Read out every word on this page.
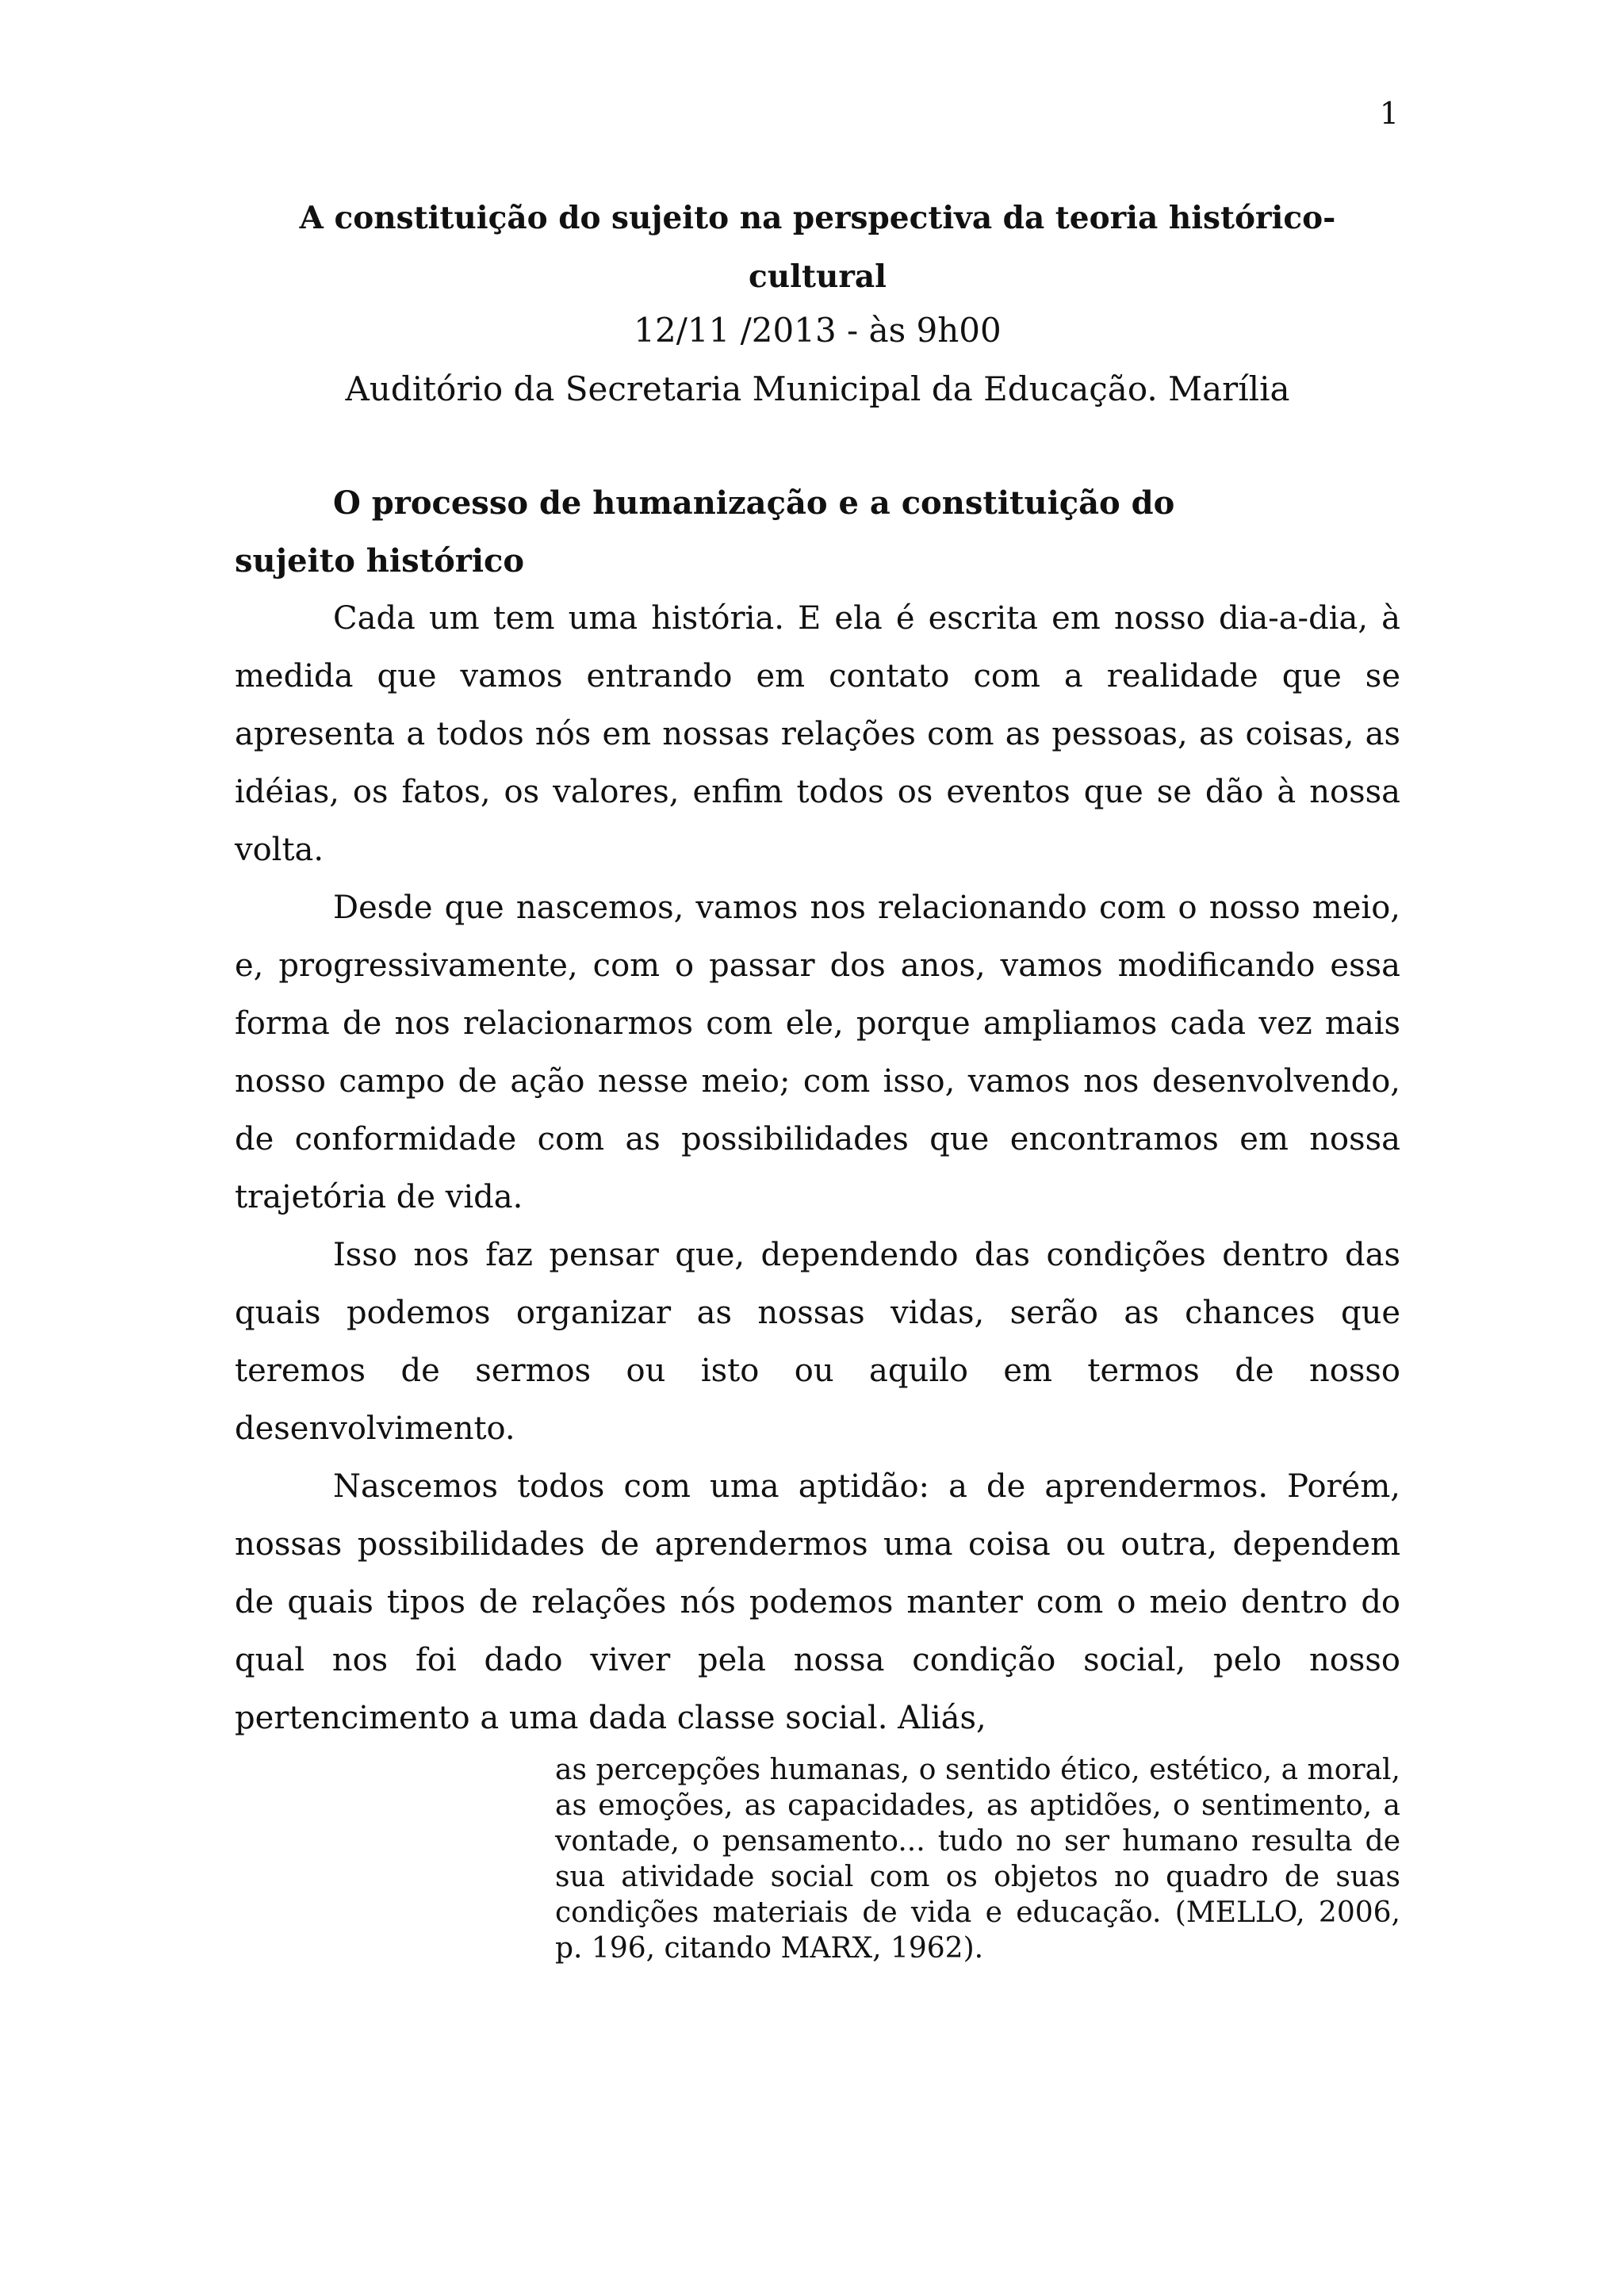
1
A constituição do sujeito na perspectiva da teoria histórico-cultural

12/11 /2013 - às 9h00

Auditório da Secretaria Municipal da Educação. Marília

O processo de humanização e a constituição do sujeito histórico

Cada um tem uma história. E ela é escrita em nosso dia-a-dia, à medida que vamos entrando em contato com a realidade que se apresenta a todos nós em nossas relações com as pessoas, as coisas, as idéias, os fatos, os valores, enfim todos os eventos que se dão à nossa volta.

Desde que nascemos, vamos nos relacionando com o nosso meio, e, progressivamente, com o passar dos anos, vamos modificando essa forma de nos relacionarmos com ele, porque ampliamos cada vez mais nosso campo de ação nesse meio; com isso, vamos nos desenvolvendo, de conformidade com as possibilidades que encontramos em nossa trajetória de vida.

Isso nos faz pensar que, dependendo das condições dentro das quais podemos organizar as nossas vidas, serão as chances que teremos de sermos ou isto ou aquilo em termos de nosso desenvolvimento.

Nascemos todos com uma aptidão: a de aprendermos. Porém, nossas possibilidades de aprendermos uma coisa ou outra, dependem de quais tipos de relações nós podemos manter com o meio dentro do qual nos foi dado viver pela nossa condição social, pelo nosso pertencimento a uma dada classe social. Aliás,

as percepções humanas, o sentido ético, estético, a moral, as emoções, as capacidades, as aptidões, o sentimento, a vontade, o pensamento... tudo no ser humano resulta de sua atividade social com os objetos no quadro de suas condições materiais de vida e educação. (MELLO, 2006, p. 196, citando MARX, 1962).
